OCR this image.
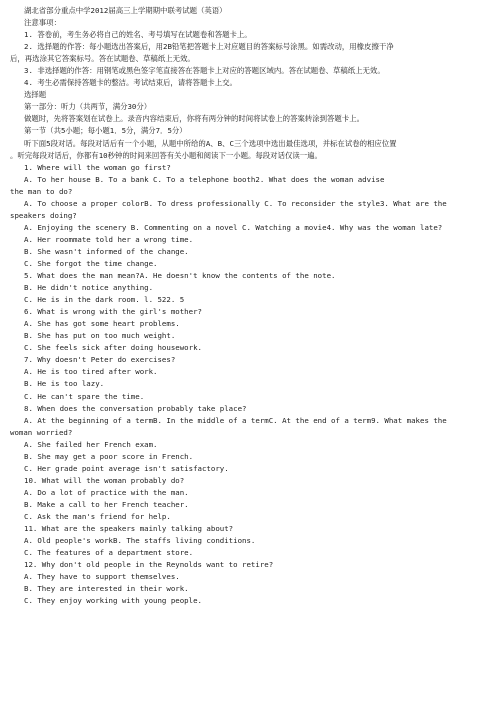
湖北省部分重点中学2012届高三上学期期中联考试题（英语）
注意事项：
1. 答卷前，考生务必将自己的姓名、考号填写在试题卷和答题卡上。
2. 选择题的作答：每小题选出答案后，用2B铅笔把答题卡上对应题目的答案标号涂黑。如需改动，用橡皮擦干净
后，再选涂其它答案标号。答在试题卷、草稿纸上无效。
3. 非选择题的作答：用钢笔或黑色签字笔直接答在答题卡上对应的答题区域内。答在试题卷、草稿纸上无效。
4. 考生必需保持答题卡的整洁。考试结束后，请将答题卡上交。
选择题
第一部分：听力（共两节，满分30分）
做题时，先将答案划在试卷上。录音内容结束后，你将有两分钟的时间将试卷上的答案转涂到答题卡上。
第一节（共5小题；每小题1．5分，满分7．5分）
听下面5段对话。每段对话后有一个小题，从题中所给的A、B、C三个选项中选出最佳选项，并标在试卷的相应位置
。听完每段对话后，你都有10秒钟的时间来回答有关小题和阅读下一小题。每段对话仅读一遍。
1. Where will the woman go first?
A. To her house B. To a bank C. To a telephone booth2. What does the woman advise
the man to do?
A. To choose a proper colorB. To dress professionally C. To reconsider the style3. What are the
speakers doing?
A. Enjoying the scenery B. Commenting on a novel C. Watching a movie4. Why was the woman late?
A. Her roommate told her a wrong time.
B. She wasn't informed of the change.
C. She forgot the time change.
5. What does the man mean?A. He doesn't know the contents of the note.
B. He didn't notice anything.
C. He is in the dark room. l. 522. 5
6. What is wrong with the girl's mother?
A. She has got some heart problems.
B. She has put on too much weight.
C. She feels sick after doing housework.
7. Why doesn't Peter do exercises?
A. He is too tired after work.
B. He is too lazy.
C. He can't spare the time.
8. When does the conversation probably take place?
A. At the beginning of a termB. In the middle of a termC. At the end of a term9. What makes the
woman worried?
A. She failed her French exam.
B. She may get a poor score in French.
C. Her grade point average isn't satisfactory.
10. What will the woman probably do?
A. Do a lot of practice with the man.
B. Make a call to her French teacher.
C. Ask the man's friend for help.
11. What are the speakers mainly talking about?
A. Old people's workB. The staffs living conditions.
C. The features of a department store.
12. Why don't old people in the Reynolds want to retire?
A. They have to support themselves.
B. They are interested in their work.
C. They enjoy working with young people.
